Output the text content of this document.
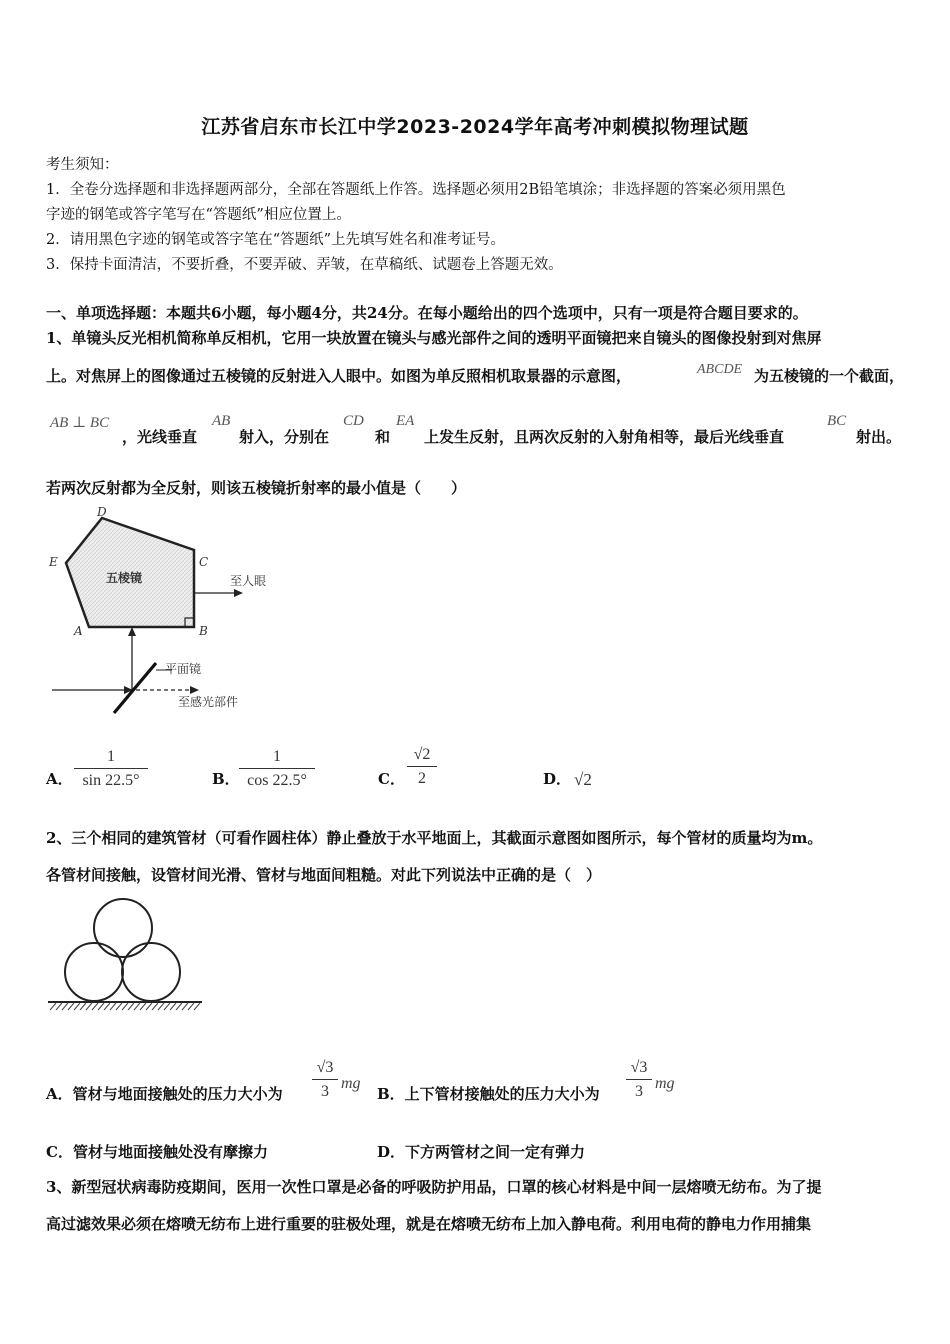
江苏省启东市长江中学2023-2024学年高考冲刺模拟物理试题
考生须知：
1．全卷分选择题和非选择题两部分，全部在答题纸上作答。选择题必须用2B铅笔填涂；非选择题的答案必须用黑色
字迹的钢笔或答字笔写在“答题纸”相应位置上。
2．请用黑色字迹的钢笔或答字笔在“答题纸”上先填写姓名和准考证号。
3．保持卡面清洁，不要折叠，不要弄破、弄皱，在草稿纸、试题卷上答题无效。
一、单项选择题：本题共6小题，每小题4分，共24分。在每小题给出的四个选项中，只有一项是符合题目要求的。
1、单镜头反光相机简称单反相机，它用一块放置在镜头与感光部件之间的透明平面镜把来自镜头的图像投射到对焦屏
上。对焦屏上的图像通过五棱镜的反射进入人眼中。如图为单反照相机取景器的示意图，	ABCDE 为五棱镜的一个截面，
AB ⊥ BC
，光线垂直
AB
射入，分别在
CD
和
EA
上发生反射，且两次反射的入射角相等，最后光线垂直
BC
射出。
若两次反射都为全反射，则该五棱镜折射率的最小值是（　　）
D
E	C
A	B
五棱镜	至人眼
平面镜
至感光部件
A．
1
sin 22.5°	B．
1
cos 22.5°	C．
√2
2	D． √2
2、三个相同的建筑管材（可看作圆柱体）静止叠放于水平地面上，其截面示意图如图所示，每个管材的质量均为m。
各管材间接触，设管材间光滑、管材与地面间粗糙。对此下列说法中正确的是（　）
A．管材与地面接触处的压力大小为
√3
3 mg
B．上下管材接触处的压力大小为
√3
3 mg
C．管材与地面接触处没有摩擦力	D．下方两管材之间一定有弹力
3、新型冠状病毒防疫期间，医用一次性口罩是必备的呼吸防护用品，口罩的核心材料是中间一层熔喷无纺布。为了提
高过滤效果必须在熔喷无纺布上进行重要的驻极处理，就是在熔喷无纺布上加入静电荷。利用电荷的静电力作用捕集
